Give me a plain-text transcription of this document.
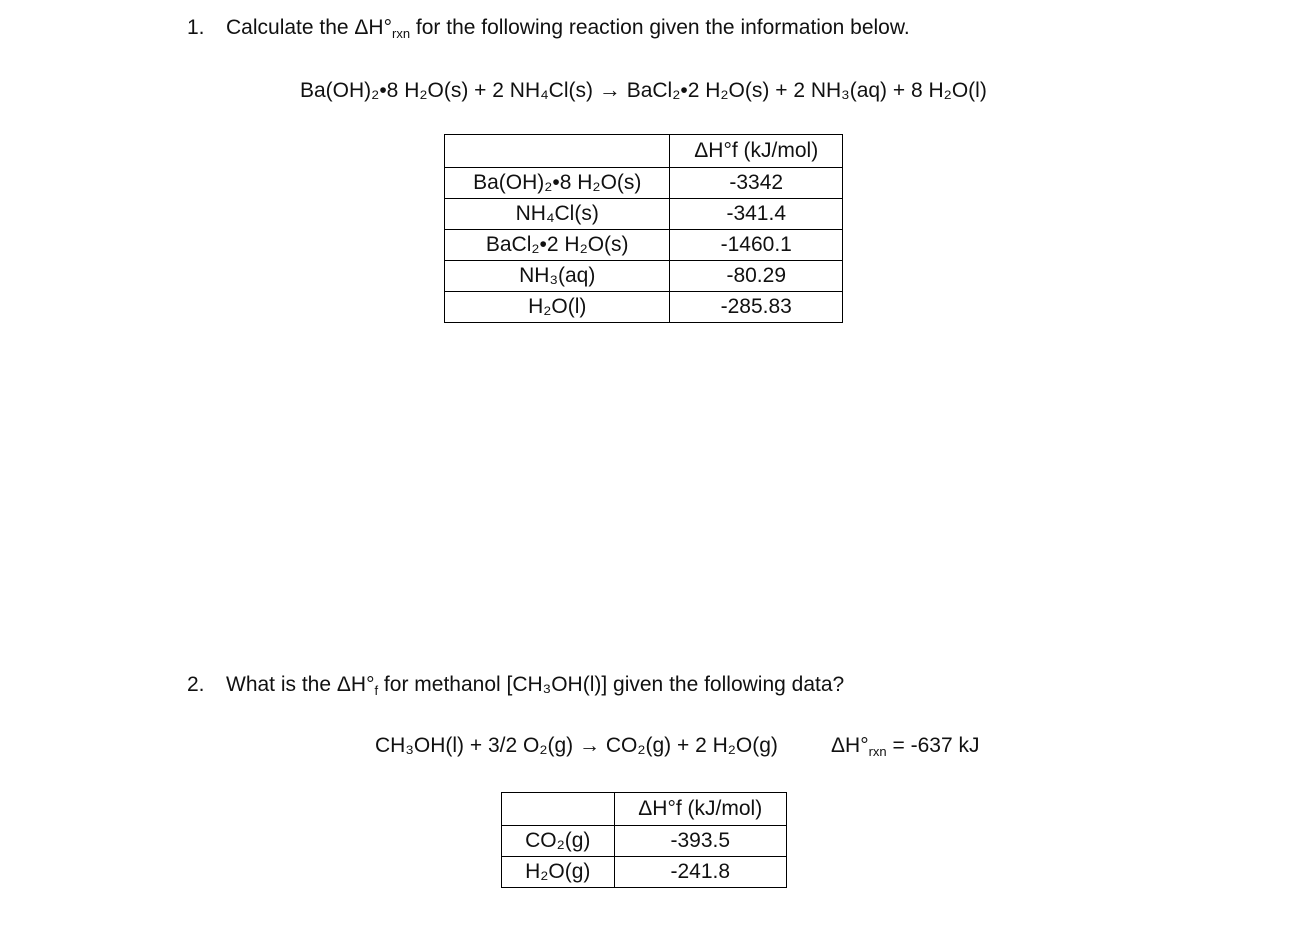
1. Calculate the $\Delta H^\circ_{rxn}$ for the following reaction given the information below.
Ba(OH)₂•8 H₂O(s) + 2 NH₄Cl(s) → BaCl₂•2 H₂O(s) + 2 NH₃(aq) + 8 H₂O(l)
	ΔH°f (kJ/mol)
Ba(OH)₂•8 H₂O(s)	-3342
NH₄Cl(s)	-341.4
BaCl₂•2 H₂O(s)	-1460.1
NH₃(aq)	-80.29
H₂O(l)	-285.83
2. What is the ΔH°f for methanol [CH₃OH(l)] given the following data?
CH₃OH(l) + 3/2 O₂(g) → CO₂(g) + 2 H₂O(g)	$\Delta H^\circ_{rxn} = -637$ kJ
	ΔH°f (kJ/mol)
CO₂(g)	-393.5
H₂O(g)	-241.8
